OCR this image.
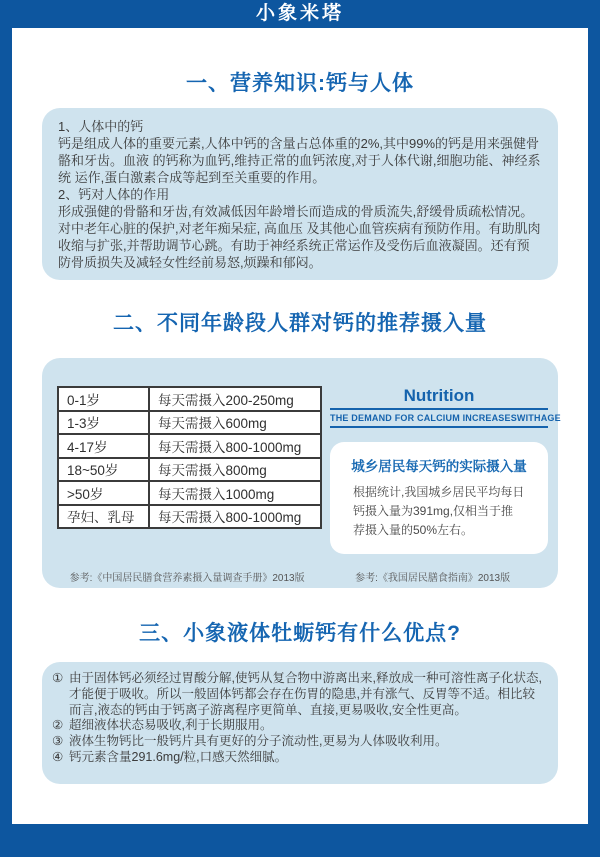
小象米塔
一、营养知识:钙与人体

1、人体中的钙

钙是组成人体的重要元素,人体中钙的含量占总体重的2%,其中99%的钙是用来强健骨骼和牙齿。血液 的钙称为血钙,维持正常的血钙浓度,对于人体代谢,细胞功能、神经系统 运作,蛋白激素合成等起到至关重要的作用。

2、钙对人体的作用

形成强健的骨骼和牙齿,有效减低因年龄增长而造成的骨质流失,舒缓骨质疏松情况。对中老年心脏的保护,对老年痴呆症, 高血压 及其他心血管疾病有预防作用。有助肌肉收缩与扩张,并帮助调节心跳。有助于神经系统正常运作及受伤后血液凝固。还有预防骨质损失及减轻女性经前易怒,烦躁和郁闷。

二、不同年龄段人群对钙的推荐摄入量
0-1岁	每天需摄入200-250mg
1-3岁	每天需摄入600mg
4-17岁	每天需摄入800-1000mg
18~50岁	每天需摄入800mg
>50岁	每天需摄入1000mg
孕妇、乳母	每天需摄入800-1000mg
Nutrition
THE DEMAND FOR CALCIUM INCREASESWITHAGE
城乡居民每天钙的实际摄入量
根据统计,我国城乡居民平均每日钙摄入量为391mg,仅相当于推荐摄入量的50%左右。
参考:《中国居民膳食营养素摄入量调查手册》2013版	参考:《我国居民膳食指南》2013版
三、小象液体牡蛎钙有什么优点?
① 由于固体钙必须经过胃酸分解,使钙从复合物中游离出来,释放成一种可溶性离子化状态,才能便于吸收。所以一般固体钙都会存在伤胃的隐患,并有涨气、反胃等不适。相比较而言,液态的钙由于钙离子游离程序更简单、直接,更易吸收,安全性更高。
② 超细液体状态易吸收,利于长期服用。
③ 液体生物钙比一般钙片具有更好的分子流动性,更易为人体吸收利用。
④ 钙元素含量291.6mg/粒,口感天然细腻。
